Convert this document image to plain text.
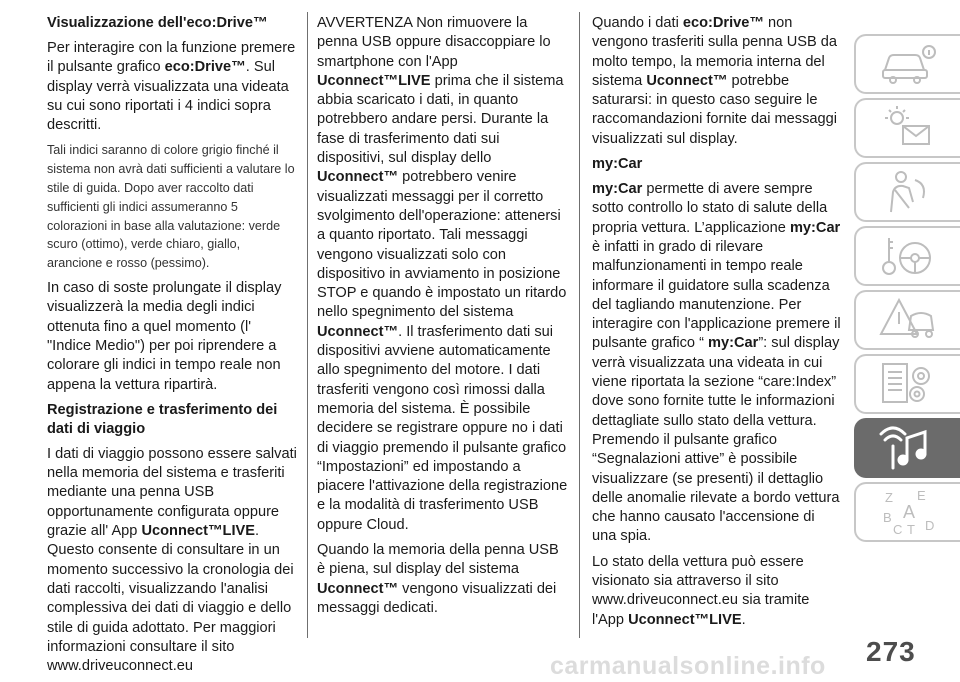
Visualizzazione dell'eco:Drive™

Per interagire con la funzione premere il pulsante grafico eco:Drive™. Sul display verrà visualizzata una videata su cui sono riportati i 4 indici sopra descritti.

Tali indici saranno di colore grigio finché il sistema non avrà dati sufficienti a valutare lo stile di guida. Dopo aver raccolto dati sufficienti gli indici assumeranno 5 colorazioni in base alla valutazione: verde scuro (ottimo), verde chiaro, giallo, arancione e rosso (pessimo).

In caso di soste prolungate il display visualizzerà la media degli indici ottenuta fino a quel momento (l' "Indice Medio") per poi riprendere a colorare gli indici in tempo reale non appena la vettura ripartirà.

Registrazione e trasferimento dei dati di viaggio

I dati di viaggio possono essere salvati nella memoria del sistema e trasferiti mediante una penna USB opportunamente configurata oppure grazie all' App Uconnect™LIVE. Questo consente di consultare in un momento successivo la cronologia dei dati raccolti, visualizzando l'analisi complessiva dei dati di viaggio e dello stile di guida adottato. Per maggiori informazioni consultare il sito www.driveuconnect.eu

AVVERTENZA Non rimuovere la penna USB oppure disaccoppiare lo smartphone con l'App Uconnect™LIVE prima che il sistema abbia scaricato i dati, in quanto potrebbero andare persi. Durante la fase di trasferimento dati sui dispositivi, sul display dello Uconnect™ potrebbero venire visualizzati messaggi per il corretto svolgimento dell'operazione: attenersi a quanto riportato. Tali messaggi vengono visualizzati solo con dispositivo in avviamento in posizione STOP e quando è impostato un ritardo nello spegnimento del sistema Uconnect™. Il trasferimento dati sui dispositivi avviene automaticamente allo spegnimento del motore. I dati trasferiti vengono così rimossi dalla memoria del sistema. È possibile decidere se registrare oppure no i dati di viaggio premendo il pulsante grafico “Impostazioni” ed impostando a piacere l'attivazione della registrazione e la modalità di trasferimento USB oppure Cloud.

Quando la memoria della penna USB è piena, sul display del sistema Uconnect™ vengono visualizzati dei messaggi dedicati.

Quando i dati eco:Drive™ non vengono trasferiti sulla penna USB da molto tempo, la memoria interna del sistema Uconnect™ potrebbe saturarsi: in questo caso seguire le raccomandazioni fornite dai messaggi visualizzati sul display.

my:Car

my:Car permette di avere sempre sotto controllo lo stato di salute della propria vettura. L’applicazione my:Car è infatti in grado di rilevare malfunzionamenti in tempo reale informare il guidatore sulla scadenza del tagliando manutenzione. Per interagire con l'applicazione premere il pulsante grafico “ my:Car”: sul display verrà visualizzata una videata in cui viene riportata la sezione “care:Index” dove sono fornite tutte le informazioni dettagliate sullo stato della vettura. Premendo il pulsante grafico “Segnalazioni attive” è possibile visualizzare (se presenti) il dettaglio delle anomalie rilevate a bordo vettura che hanno causato l'accensione di una spia.

Lo stato della vettura può essere visionato sia attraverso il sito www.driveuconnect.eu sia tramite l'App Uconnect™LIVE.

Z E
A
B
C T D
273
carmanualsonline.info
